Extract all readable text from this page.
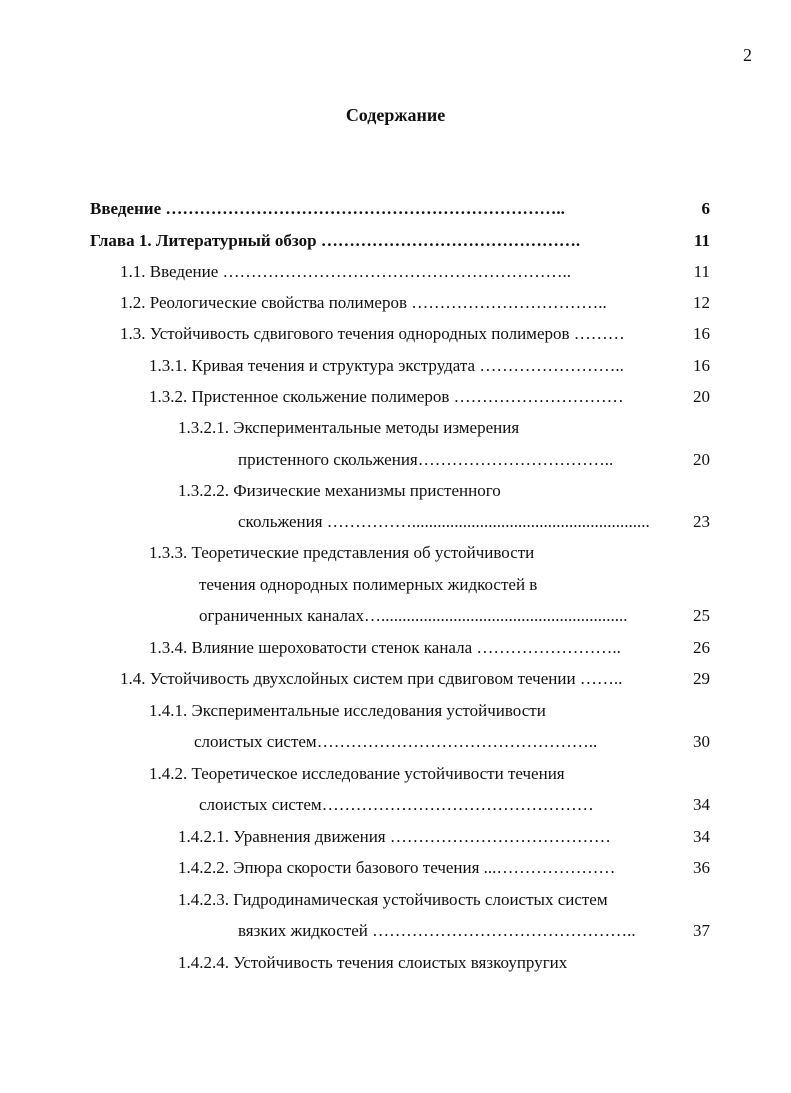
2
Содержание
Введение ……………………………………………………………..	6
Глава 1. Литературный обзор ……………………………………….	11
1.1. Введение ……………………………………………………..	11
1.2. Реологические свойства полимеров ……………………………..	12
1.3. Устойчивость сдвигового течения однородных полимеров ………	16
1.3.1. Кривая течения и структура экструдата ……………………..	16
1.3.2. Пристенное скольжение полимеров …………………………	20
1.3.2.1. Экспериментальные методы измерения
пристенного скольжения……………………………..	20
1.3.2.2. Физические механизмы пристенного
скольжения ……………........................................................	23
1.3.3. Теоретические представления об устойчивости
течения однородных полимерных жидкостей в
ограниченных каналах…..........................................................	25
1.3.4. Влияние шероховатости стенок канала ……………………..	26
1.4. Устойчивость двухслойных систем при сдвиговом течении ……..	29
1.4.1. Экспериментальные исследования устойчивости
слоистых систем…………………………………………..	30
1.4.2. Теоретическое исследование устойчивости течения
слоистых систем…………………………………………	34
1.4.2.1. Уравнения движения …………………………………	34
1.4.2.2. Эпюра скорости базового течения ...…………………	36
1.4.2.3. Гидродинамическая устойчивость слоистых систем
вязких жидкостей ………………………………………..	37
1.4.2.4. Устойчивость течения слоистых вязкоупругих
